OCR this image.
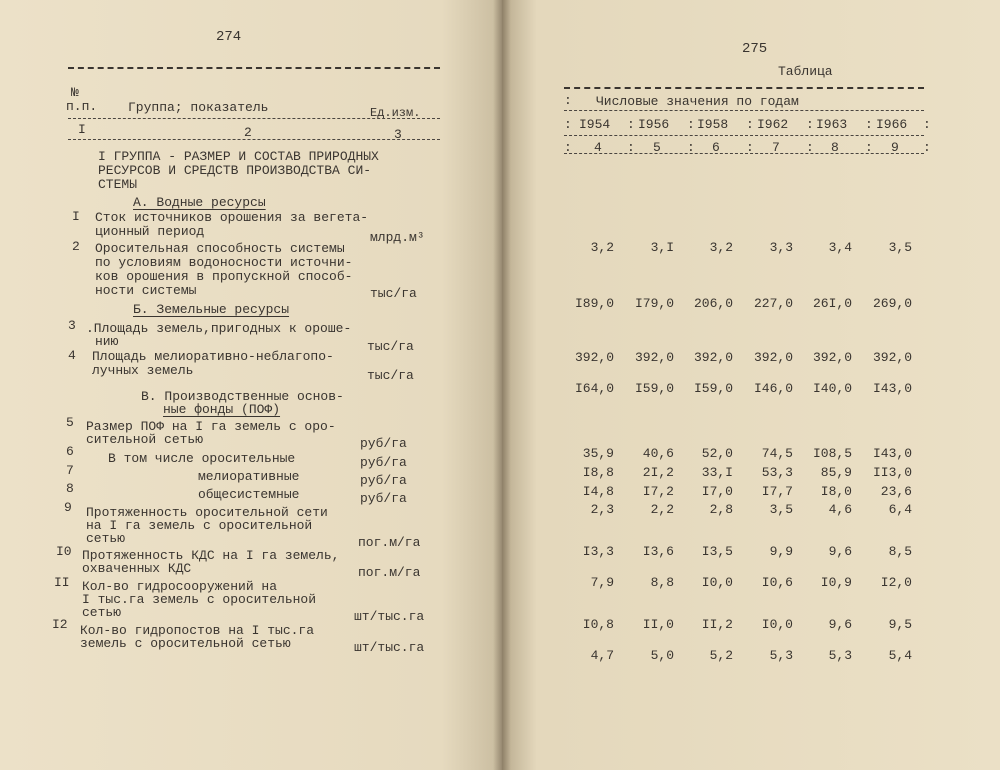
274
№
п.п. Группа; показатель	Ед.изм.
I	2	3
I ГРУППА - РАЗМЕР И СОСТАВ ПРИРОДНЫХ
РЕСУРСОВ И СРЕДСТВ ПРОИЗВОДСТВА СИ-
СТЕМЫ
А. Водные ресурсы
I Сток источников орошения за вегета-
ционный период	млрд.м³
2 Оросительная способность системы
по условиям водоносности источни-
ков орошения в пропускной способ-
ности системы	тыс/га
Б. Земельные ресурсы
3 .Площадь земель,пригодных к ороше-
нию	тыс/га
4 Площадь мелиоративно-неблагопо-
лучных земель	тыс/га
В. Производственные основ-
ные фонды (ПОФ)
5 Размер ПОФ на I га земель с оро-
сительной сетью	руб/га
6	В том числе оросительные	руб/га
7	мелиоративные	руб/га
8	общесистемные	руб/га
9 Протяженность оросительной сети
на I га земель с оросительной
сетью	пог.м/га
I0 Протяженность КДС на I га земель,
охваченных КДС	пог.м/га
II Кол-во гидросооружений на
I тыс.га земель с оросительной
сетью	шт/тыс.га
I2 Кол-во гидропостов на I тыс.га
земель с оросительной сетью	шт/тыс.га
275
Таблица
: Числовые значения по годам
I954 I956 I958 I962 I963 I966
:
:
:
:
:
:
:
:
:
:
:
:
:
:
4	5	6	7	8	9
3,2	3,I	3,2	3,3	3,4	3,5
I89,0	I79,0	206,0	227,0	26I,0	269,0
392,0	392,0	392,0	392,0	392,0	392,0
I64,0	I59,0	I59,0	I46,0	I40,0	I43,0
35,9	40,6	52,0	74,5	I08,5	I43,0
I8,8	2I,2	33,I	53,3	85,9	II3,0
I4,8	I7,2	I7,0	I7,7	I8,0	23,6
2,3	2,2	2,8	3,5	4,6	6,4
I3,3	I3,6	I3,5	9,9	9,6	8,5
7,9	8,8	I0,0	I0,6	I0,9	I2,0
I0,8	II,0	II,2	I0,0	9,6	9,5
4,7	5,0	5,2	5,3	5,3	5,4
